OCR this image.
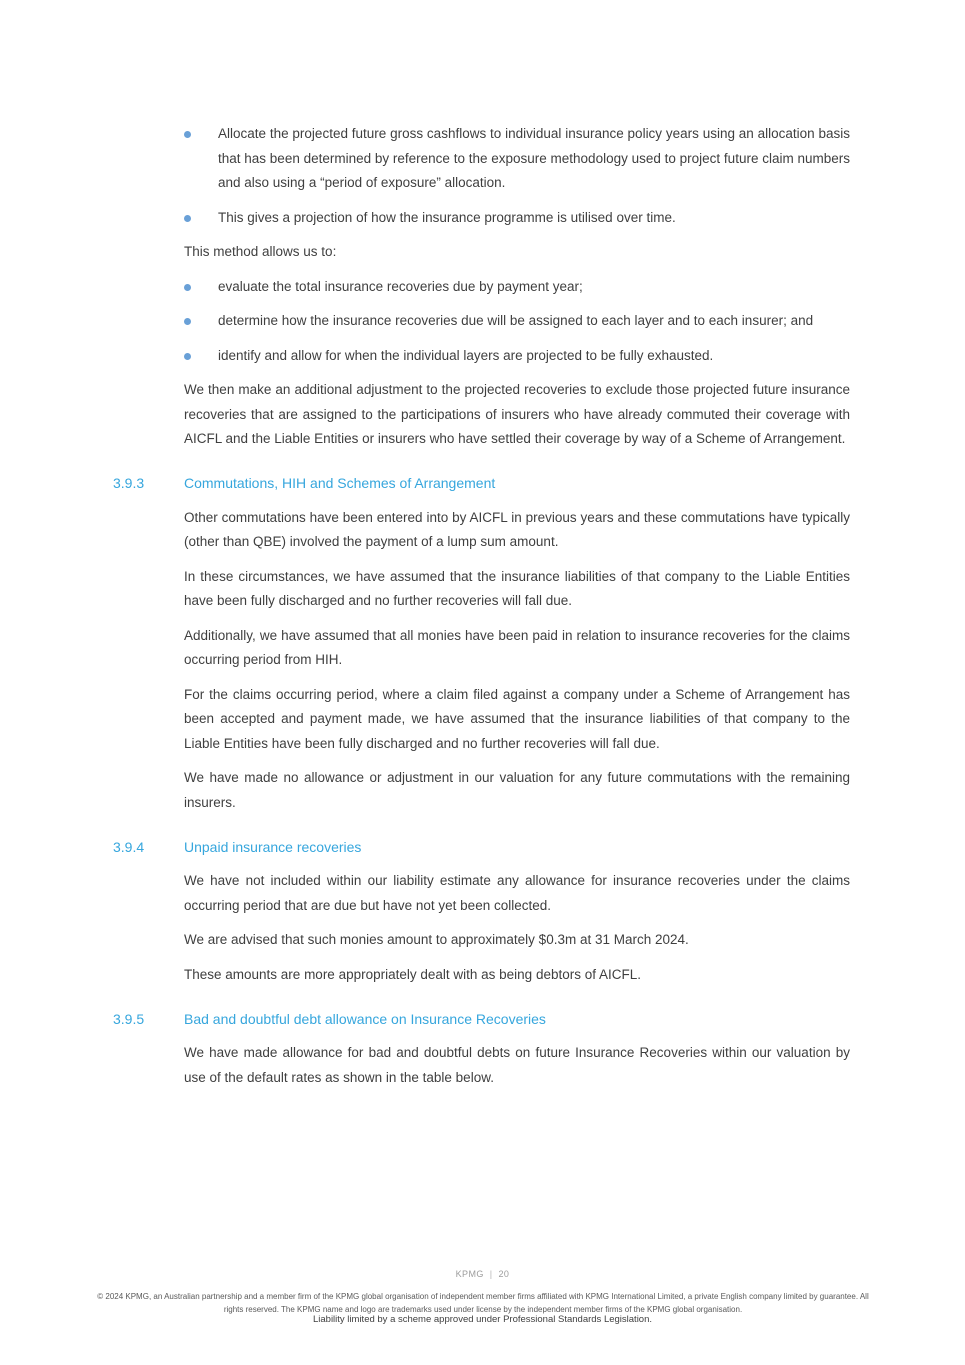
Allocate the projected future gross cashflows to individual insurance policy years using an allocation basis that has been determined by reference to the exposure methodology used to project future claim numbers and also using a “period of exposure” allocation.
This gives a projection of how the insurance programme is utilised over time.
This method allows us to:
evaluate the total insurance recoveries due by payment year;
determine how the insurance recoveries due will be assigned to each layer and to each insurer; and
identify and allow for when the individual layers are projected to be fully exhausted.
We then make an additional adjustment to the projected recoveries to exclude those projected future insurance recoveries that are assigned to the participations of insurers who have already commuted their coverage with AICFL and the Liable Entities or insurers who have settled their coverage by way of a Scheme of Arrangement.
3.9.3	Commutations, HIH and Schemes of Arrangement
Other commutations have been entered into by AICFL in previous years and these commutations have typically (other than QBE) involved the payment of a lump sum amount.
In these circumstances, we have assumed that the insurance liabilities of that company to the Liable Entities have been fully discharged and no further recoveries will fall due.
Additionally, we have assumed that all monies have been paid in relation to insurance recoveries for the claims occurring period from HIH.
For the claims occurring period, where a claim filed against a company under a Scheme of Arrangement has been accepted and payment made, we have assumed that the insurance liabilities of that company to the Liable Entities have been fully discharged and no further recoveries will fall due.
We have made no allowance or adjustment in our valuation for any future commutations with the remaining insurers.
3.9.4	Unpaid insurance recoveries
We have not included within our liability estimate any allowance for insurance recoveries under the claims occurring period that are due but have not yet been collected.
We are advised that such monies amount to approximately $0.3m at 31 March 2024.
These amounts are more appropriately dealt with as being debtors of AICFL.
3.9.5	Bad and doubtful debt allowance on Insurance Recoveries
We have made allowance for bad and doubtful debts on future Insurance Recoveries within our valuation by use of the default rates as shown in the table below.
KPMG | 20
© 2024 KPMG, an Australian partnership and a member firm of the KPMG global organisation of independent member firms affiliated with KPMG International Limited, a private English company limited by guarantee. All rights reserved. The KPMG name and logo are trademarks used under license by the independent member firms of the KPMG global organisation.
Liability limited by a scheme approved under Professional Standards Legislation.
